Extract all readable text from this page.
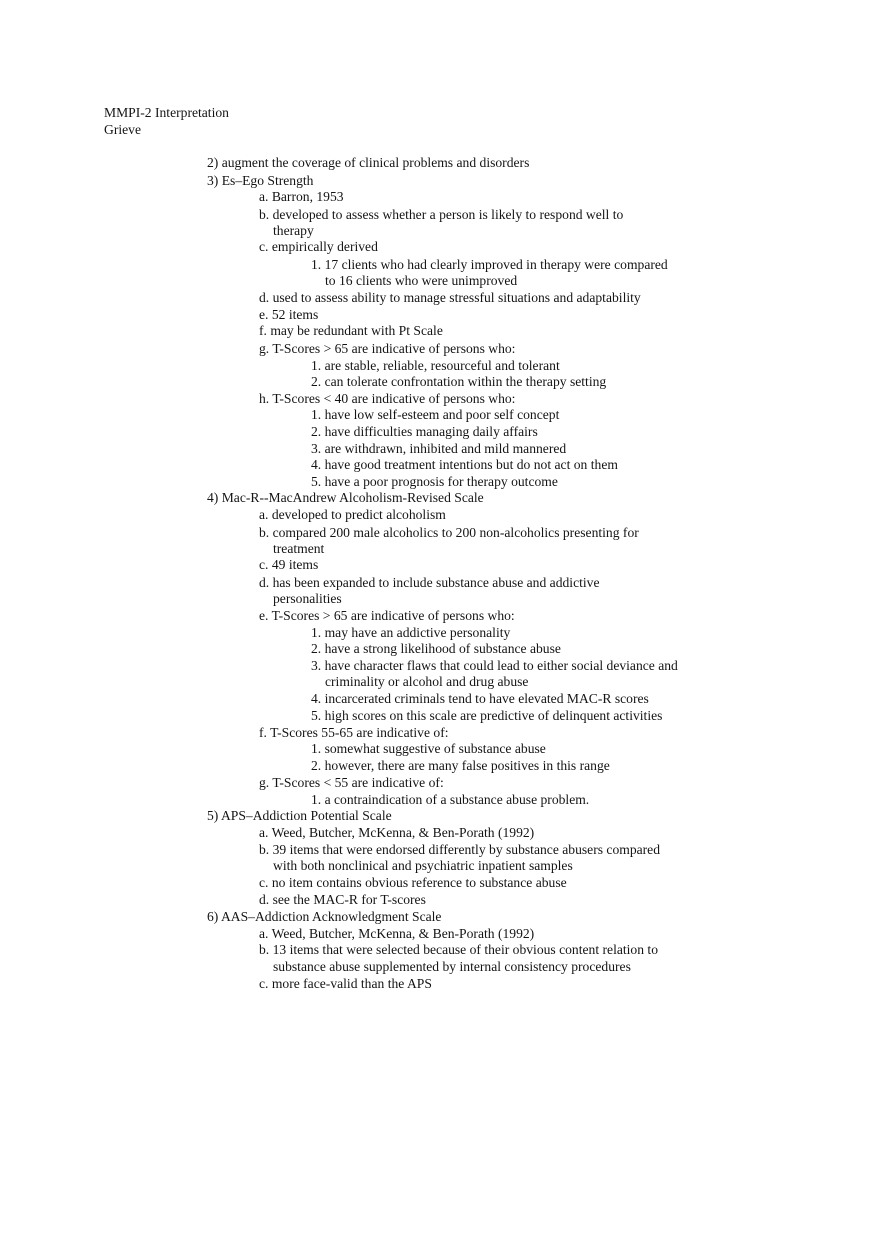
MMPI-2 Interpretation
Grieve
2) augment the coverage of clinical problems and disorders
3) Es–Ego Strength
a. Barron, 1953
b. developed to assess whether a person is likely to respond well to
therapy
c. empirically derived
1. 17 clients who had clearly improved in therapy were compared
to 16 clients who were unimproved
d. used to assess ability to manage stressful situations and adaptability
e. 52 items
f. may be redundant with Pt Scale
g. T-Scores > 65 are indicative of persons who:
1. are stable, reliable, resourceful and tolerant
2. can tolerate confrontation within the therapy setting
h. T-Scores < 40 are indicative of persons who:
1. have low self-esteem and poor self concept
2. have difficulties managing daily affairs
3. are withdrawn, inhibited and mild mannered
4. have good treatment intentions but do not act on them
5. have a poor prognosis for therapy outcome
4) Mac-R--MacAndrew Alcoholism-Revised Scale
a. developed to predict alcoholism
b. compared 200 male alcoholics to 200 non-alcoholics presenting for
treatment
c. 49 items
d. has been expanded to include substance abuse and addictive
personalities
e. T-Scores > 65 are indicative of persons who:
1. may have an addictive personality
2. have a strong likelihood of substance abuse
3. have character flaws that could lead to either social deviance and
criminality or alcohol and drug abuse
4. incarcerated criminals tend to have elevated MAC-R scores
5. high scores on this scale are predictive of delinquent activities
f. T-Scores 55-65 are indicative of:
1. somewhat suggestive of substance abuse
2. however, there are many false positives in this range
g. T-Scores < 55 are indicative of:
1. a contraindication of a substance abuse problem.
5) APS–Addiction Potential Scale
a. Weed, Butcher, McKenna, & Ben-Porath (1992)
b. 39 items that were endorsed differently by substance abusers compared
with both nonclinical and psychiatric inpatient samples
c. no item contains obvious reference to substance abuse
d. see the MAC-R for T-scores
6) AAS–Addiction Acknowledgment Scale
a. Weed, Butcher, McKenna, & Ben-Porath (1992)
b. 13 items that were selected because of their obvious content relation to
substance abuse supplemented by internal consistency procedures
c. more face-valid than the APS
